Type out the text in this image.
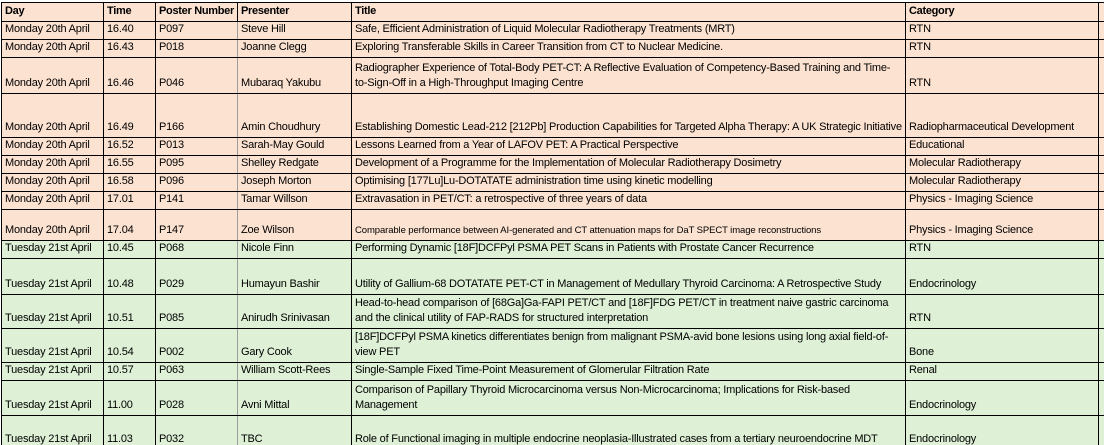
Day	Time	Poster Number	Presenter	Title	Category	
Monday 20th April	16.40	P097	Steve Hill	Safe, Efficient Administration of Liquid Molecular Radiotherapy Treatments (MRT)	RTN	
Monday 20th April	16.43	P018	Joanne Clegg	Exploring Transferable Skills in Career Transition from CT to Nuclear Medicine.	RTN	
Monday 20th April	16.46	P046	Mubaraq Yakubu	Radiographer Experience of Total-Body PET-CT: A Reflective Evaluation of Competency-Based Training and Time-to-Sign-Off in a High-Throughput Imaging Centre	RTN	
Monday 20th April	16.49	P166	Amin Choudhury	Establishing Domestic Lead-212 [212Pb] Production Capabilities for Targeted Alpha Therapy: A UK Strategic Initiative	Radiopharmaceutical Development	
Monday 20th April	16.52	P013	Sarah-May Gould	Lessons Learned from a Year of LAFOV PET: A Practical Perspective	Educational	
Monday 20th April	16.55	P095	Shelley Redgate	Development of a Programme for the Implementation of Molecular Radiotherapy Dosimetry	Molecular Radiotherapy	
Monday 20th April	16.58	P096	Joseph Morton	Optimising [177Lu]Lu-DOTATATE administration time using kinetic modelling	Molecular Radiotherapy	
Monday 20th April	17.01	P141	Tamar Willson	Extravasation in PET/CT: a retrospective of three years of data	Physics - Imaging Science	
Monday 20th April	17.04	P147	Zoe Wilson	Comparable performance between AI-generated and CT attenuation maps for DaT SPECT image reconstructions	Physics - Imaging Science	
Tuesday 21st April	10.45	P068	Nicole Finn	Performing Dynamic [18F]DCFPyl PSMA PET Scans in Patients with Prostate Cancer Recurrence	RTN	
Tuesday 21st April	10.48	P029	Humayun Bashir	Utility of Gallium-68 DOTATATE PET-CT in Management of Medullary Thyroid Carcinoma: A Retrospective Study	Endocrinology	
Tuesday 21st April	10.51	P085	Anirudh Srinivasan	Head-to-head comparison of [68Ga]Ga-FAPI PET/CT and [18F]FDG PET/CT in treatment naive gastric carcinoma and the clinical utility of FAP-RADS for structured interpretation	RTN	
Tuesday 21st April	10.54	P002	Gary Cook	[18F]DCFPyl PSMA kinetics differentiates benign from malignant PSMA-avid bone lesions using long axial field-of-view PET	Bone	
Tuesday 21st April	10.57	P063	William Scott-Rees	Single-Sample Fixed Time-Point Measurement of Glomerular Filtration Rate	Renal	
Tuesday 21st April	11.00	P028	Avni Mittal	Comparison of Papillary Thyroid Microcarcinoma versus Non-Microcarcinoma; Implications for Risk-based Management	Endocrinology	
Tuesday 21st April	11.03	P032	TBC	Role of Functional imaging in multiple endocrine neoplasia-Illustrated cases from a tertiary neuroendocrine MDT	Endocrinology	
